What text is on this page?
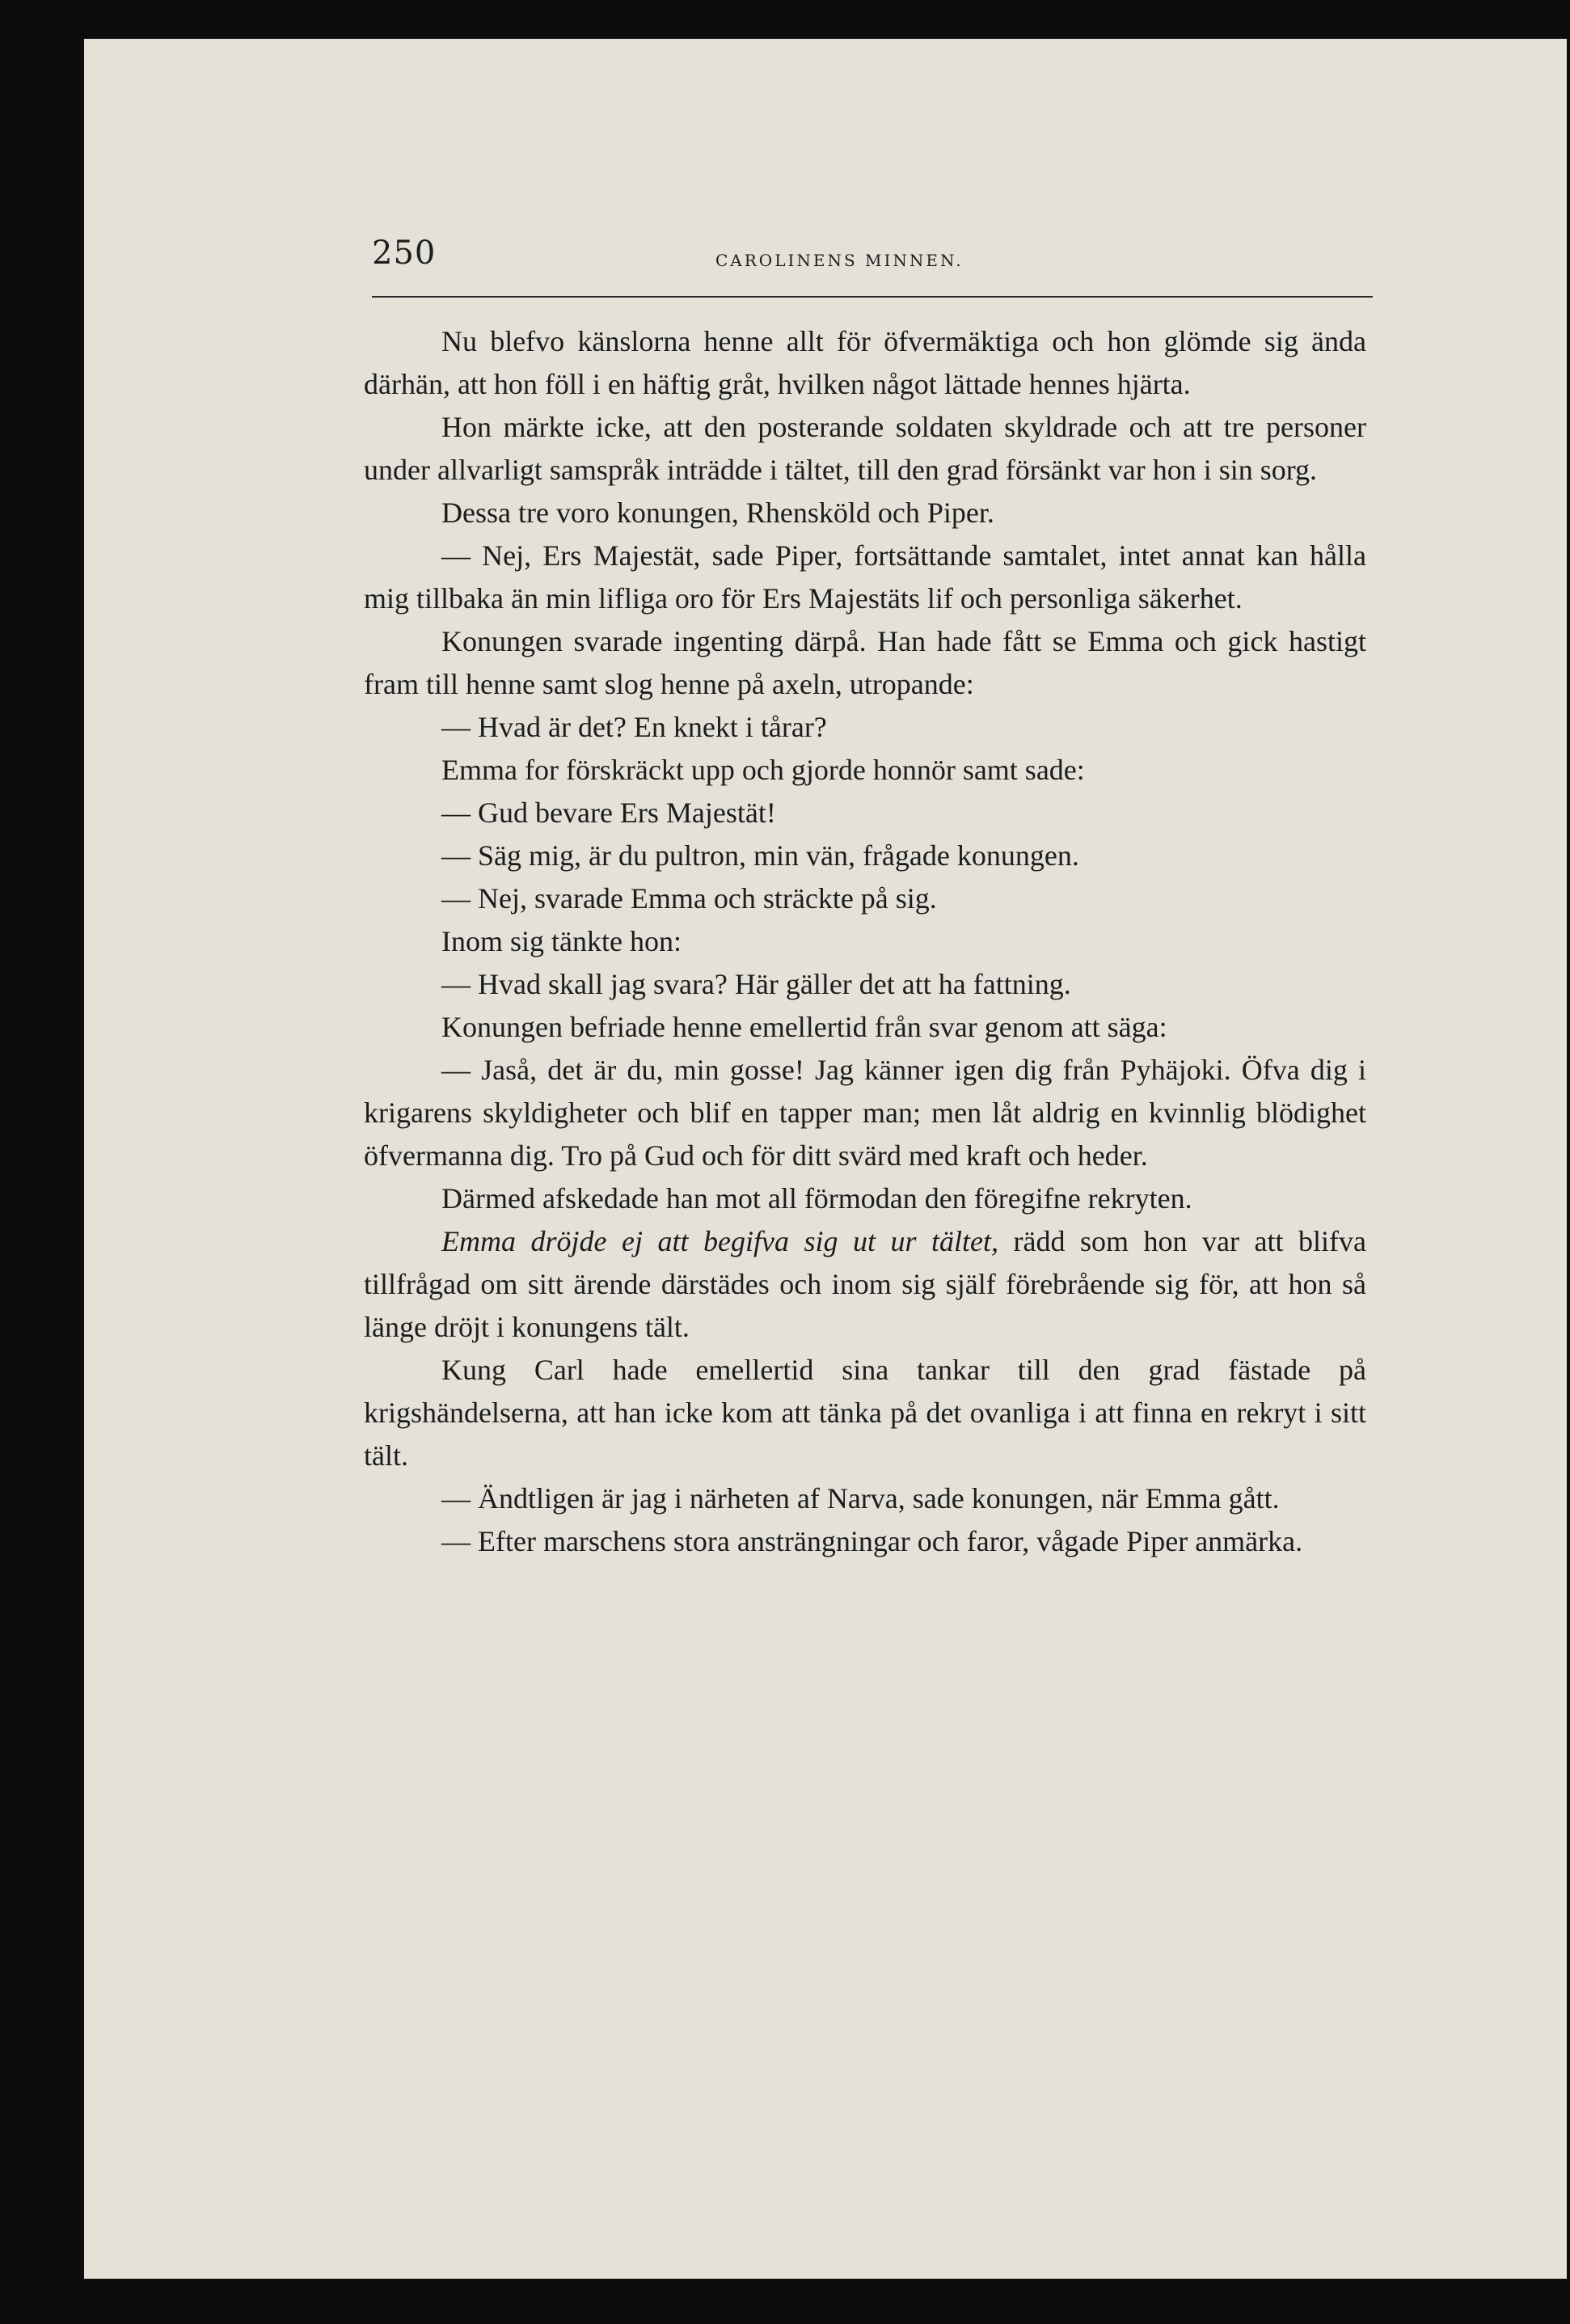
250	CAROLINENS MINNEN.

Nu blefvo känslorna henne allt för öfvermäktiga och hon glömde sig ända därhän, att hon föll i en häftig gråt, hvilken något lättade hennes hjärta.

Hon märkte icke, att den posterande soldaten skyldrade och att tre personer under allvarligt samspråk inträdde i tältet, till den grad försänkt var hon i sin sorg.

Dessa tre voro konungen, Rhensköld och Piper.

— Nej, Ers Majestät, sade Piper, fortsättande samtalet, intet annat kan hålla mig tillbaka än min lifliga oro för Ers Majestäts lif och personliga säkerhet.

Konungen svarade ingenting därpå. Han hade fått se Emma och gick hastigt fram till henne samt slog henne på axeln, utropande:

— Hvad är det? En knekt i tårar?

Emma for förskräckt upp och gjorde honnör samt sade:

— Gud bevare Ers Majestät!

— Säg mig, är du pultron, min vän, frågade konungen.

— Nej, svarade Emma och sträckte på sig.

Inom sig tänkte hon:

— Hvad skall jag svara? Här gäller det att ha fattning.

Konungen befriade henne emellertid från svar genom att säga:

— Jaså, det är du, min gosse! Jag känner igen dig från Pyhäjoki. Öfva dig i krigarens skyldigheter och blif en tapper man; men låt aldrig en kvinnlig blödighet öfvermanna dig. Tro på Gud och för ditt svärd med kraft och heder.

Därmed afskedade han mot all förmodan den föregifne rekryten.

Emma dröjde ej att begifva sig ut ur tältet, rädd som hon var att blifva tillfrågad om sitt ärende därstädes och inom sig själf förebrående sig för, att hon så länge dröjt i konungens tält.

Kung Carl hade emellertid sina tankar till den grad fästade på krigshändelserna, att han icke kom att tänka på det ovanliga i att finna en rekryt i sitt tält.

— Ändtligen är jag i närheten af Narva, sade konungen, när Emma gått.

— Efter marschens stora ansträngningar och faror, vågade Piper anmärka.
